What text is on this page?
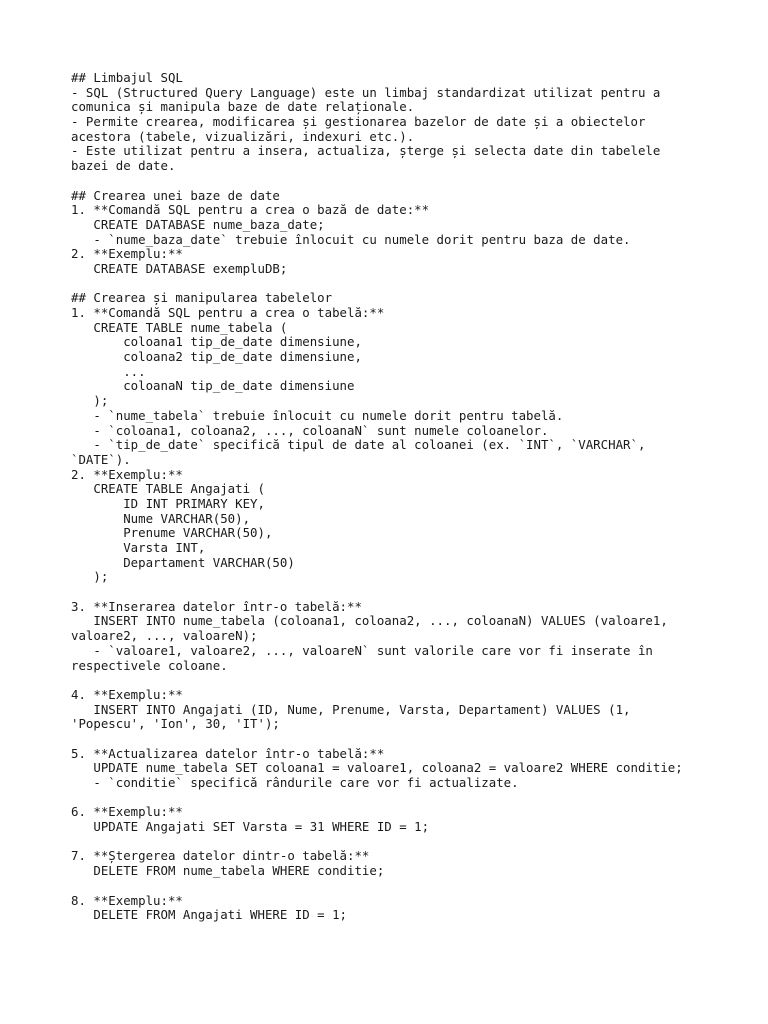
## Limbajul SQL
- SQL (Structured Query Language) este un limbaj standardizat utilizat pentru a
comunica și manipula baze de date relaționale.
- Permite crearea, modificarea și gestionarea bazelor de date și a obiectelor
acestora (tabele, vizualizări, indexuri etc.).
- Este utilizat pentru a insera, actualiza, șterge și selecta date din tabelele
bazei de date.
## Crearea unei baze de date
1. **Comandă SQL pentru a crea o bază de date:**
CREATE DATABASE nume_baza_date;
- `nume_baza_date` trebuie înlocuit cu numele dorit pentru baza de date.
2. **Exemplu:**
CREATE DATABASE exempluDB;
## Crearea și manipularea tabelelor
1. **Comandă SQL pentru a crea o tabelă:**
CREATE TABLE nume_tabela (
coloana1 tip_de_date dimensiune,
coloana2 tip_de_date dimensiune,
...
coloanaN tip_de_date dimensiune
);
- `nume_tabela` trebuie înlocuit cu numele dorit pentru tabelă.
- `coloana1, coloana2, ..., coloanaN` sunt numele coloanelor.
- `tip_de_date` specifică tipul de date al coloanei (ex. `INT`, `VARCHAR`,
`DATE`).
2. **Exemplu:**
CREATE TABLE Angajati (
ID INT PRIMARY KEY,
Nume VARCHAR(50),
Prenume VARCHAR(50),
Varsta INT,
Departament VARCHAR(50)
);
3. **Inserarea datelor într-o tabelă:**
INSERT INTO nume_tabela (coloana1, coloana2, ..., coloanaN) VALUES (valoare1,
valoare2, ..., valoareN);
- `valoare1, valoare2, ..., valoareN` sunt valorile care vor fi inserate în
respectivele coloane.
4. **Exemplu:**
INSERT INTO Angajati (ID, Nume, Prenume, Varsta, Departament) VALUES (1,
'Popescu', 'Ion', 30, 'IT');
5. **Actualizarea datelor într-o tabelă:**
UPDATE nume_tabela SET coloana1 = valoare1, coloana2 = valoare2 WHERE conditie;
- `conditie` specifică rândurile care vor fi actualizate.
6. **Exemplu:**
UPDATE Angajati SET Varsta = 31 WHERE ID = 1;
7. **Ștergerea datelor dintr-o tabelă:**
DELETE FROM nume_tabela WHERE conditie;
8. **Exemplu:**
DELETE FROM Angajati WHERE ID = 1;
